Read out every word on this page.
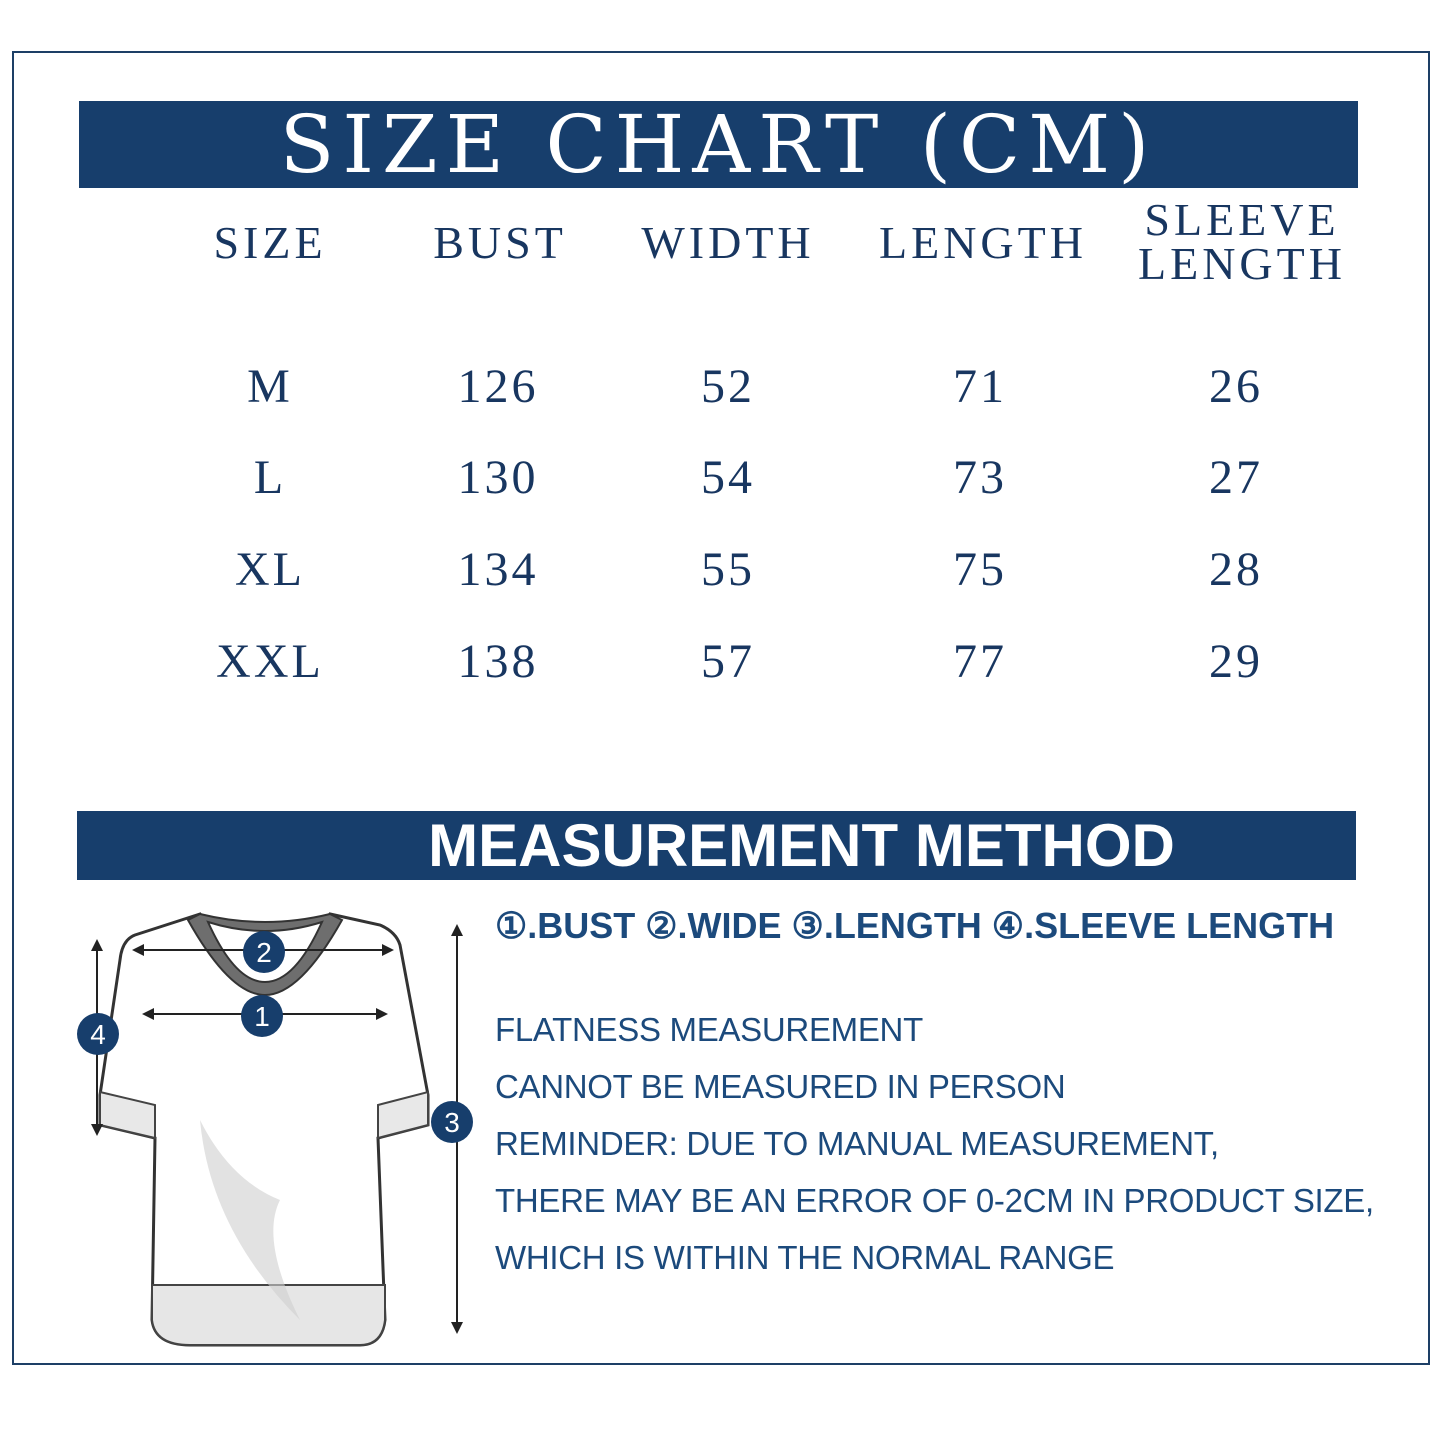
SIZE CHART (CM)
SIZE	BUST	WIDTH	LENGTH	SLEEVE
LENGTH
M	126	52	71	26
L	130	54	73	27
XL	134	55	75	28
XXL	138	57	77	29
MEASUREMENT METHOD
①.BUST ②.WIDE ③.LENGTH ④.SLEEVE LENGTH
FLATNESS MEASUREMENT
CANNOT BE MEASURED IN PERSON
REMINDER: DUE TO MANUAL MEASUREMENT,
THERE MAY BE AN ERROR OF 0-2CM IN PRODUCT SIZE,
WHICH IS WITHIN THE NORMAL RANGE
2
1
4
3
